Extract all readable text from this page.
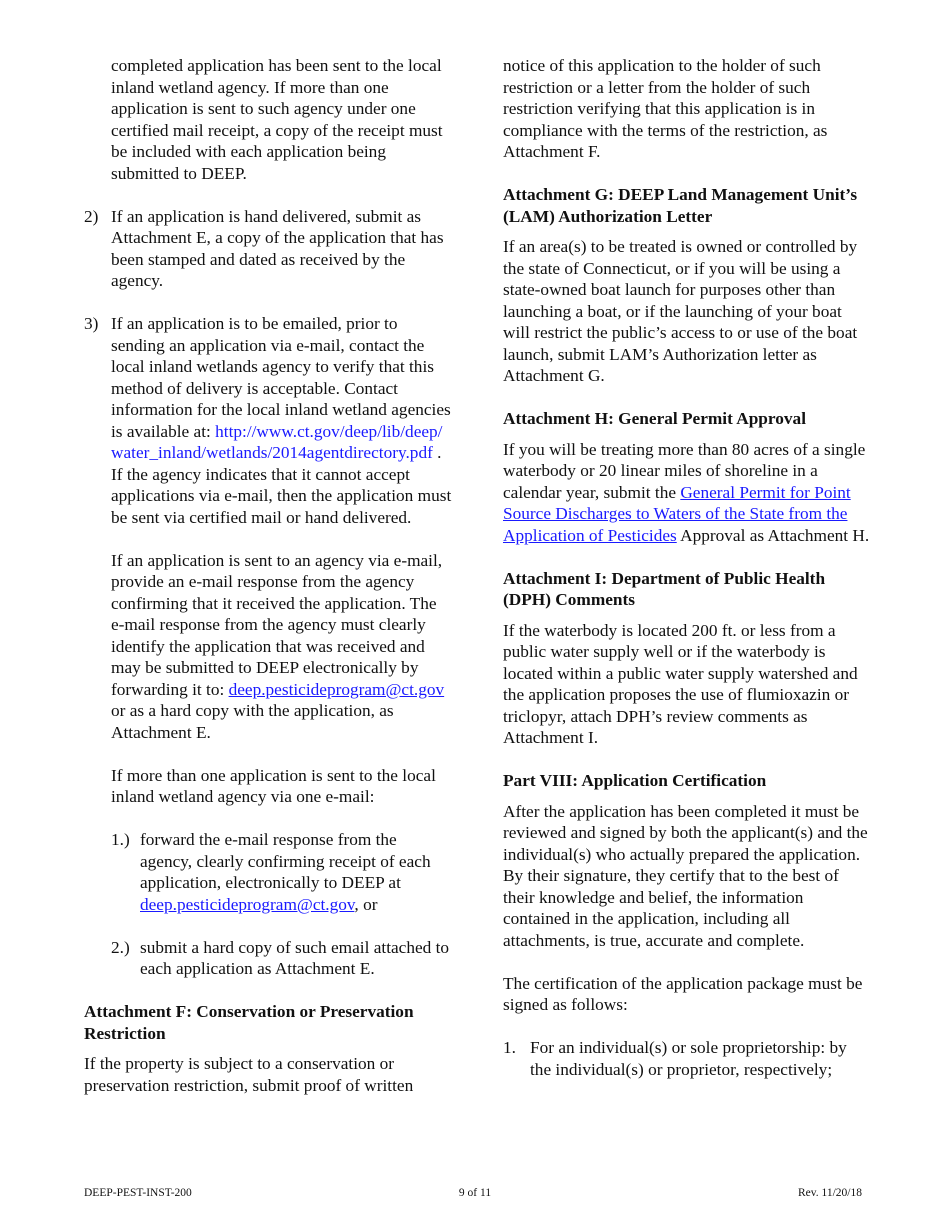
completed application has been sent to the local inland wetland agency. If more than one application is sent to such agency under one certified mail receipt, a copy of the receipt must be included with each application being submitted to DEEP.

2) If an application is hand delivered, submit as Attachment E, a copy of the application that has been stamped and dated as received by the agency.
3) If an application is to be emailed, prior to sending an application via e-mail, contact the local inland wetlands agency to verify that this method of delivery is acceptable. Contact information for the local inland wetland agencies is available at: http://www.ct.gov/deep/lib/deep/water_inland/wetlands/2014agentdirectory.pdf . If the agency indicates that it cannot accept applications via e-mail, then the application must be sent via certified mail or hand delivered.

If an application is sent to an agency via e-mail, provide an e-mail response from the agency confirming that it received the application. The e-mail response from the agency must clearly identify the application that was received and may be submitted to DEEP electronically by forwarding it to: deep.pesticideprogram@ct.gov or as a hard copy with the application, as Attachment E.

If more than one application is sent to the local inland wetland agency via one e-mail:

1.) forward the e-mail response from the agency, clearly confirming receipt of each application, electronically to DEEP at deep.pesticideprogram@ct.gov, or
2.) submit a hard copy of such email attached to each application as Attachment E.

Attachment F: Conservation or Preservation Restriction

If the property is subject to a conservation or preservation restriction, submit proof of written

notice of this application to the holder of such restriction or a letter from the holder of such restriction verifying that this application is in compliance with the terms of the restriction, as Attachment F.

Attachment G: DEEP Land Management Unit’s (LAM) Authorization Letter

If an area(s) to be treated is owned or controlled by the state of Connecticut, or if you will be using a state-owned boat launch for purposes other than launching a boat, or if the launching of your boat will restrict the public’s access to or use of the boat launch, submit LAM’s Authorization letter as Attachment G.

Attachment H: General Permit Approval

If you will be treating more than 80 acres of a single waterbody or 20 linear miles of shoreline in a calendar year, submit the General Permit for Point Source Discharges to Waters of the State from the Application of Pesticides Approval as Attachment H.

Attachment I: Department of Public Health (DPH) Comments

If the waterbody is located 200 ft. or less from a public water supply well or if the waterbody is located within a public water supply watershed and the application proposes the use of flumioxazin or triclopyr, attach DPH’s review comments as Attachment I.

Part VIII: Application Certification

After the application has been completed it must be reviewed and signed by both the applicant(s) and the individual(s) who actually prepared the application. By their signature, they certify that to the best of their knowledge and belief, the information contained in the application, including all attachments, is true, accurate and complete.

The certification of the application package must be signed as follows:

1. For an individual(s) or sole proprietorship: by the individual(s) or proprietor, respectively;
DEEP-PEST-INST-200	9 of 11	Rev. 11/20/18
